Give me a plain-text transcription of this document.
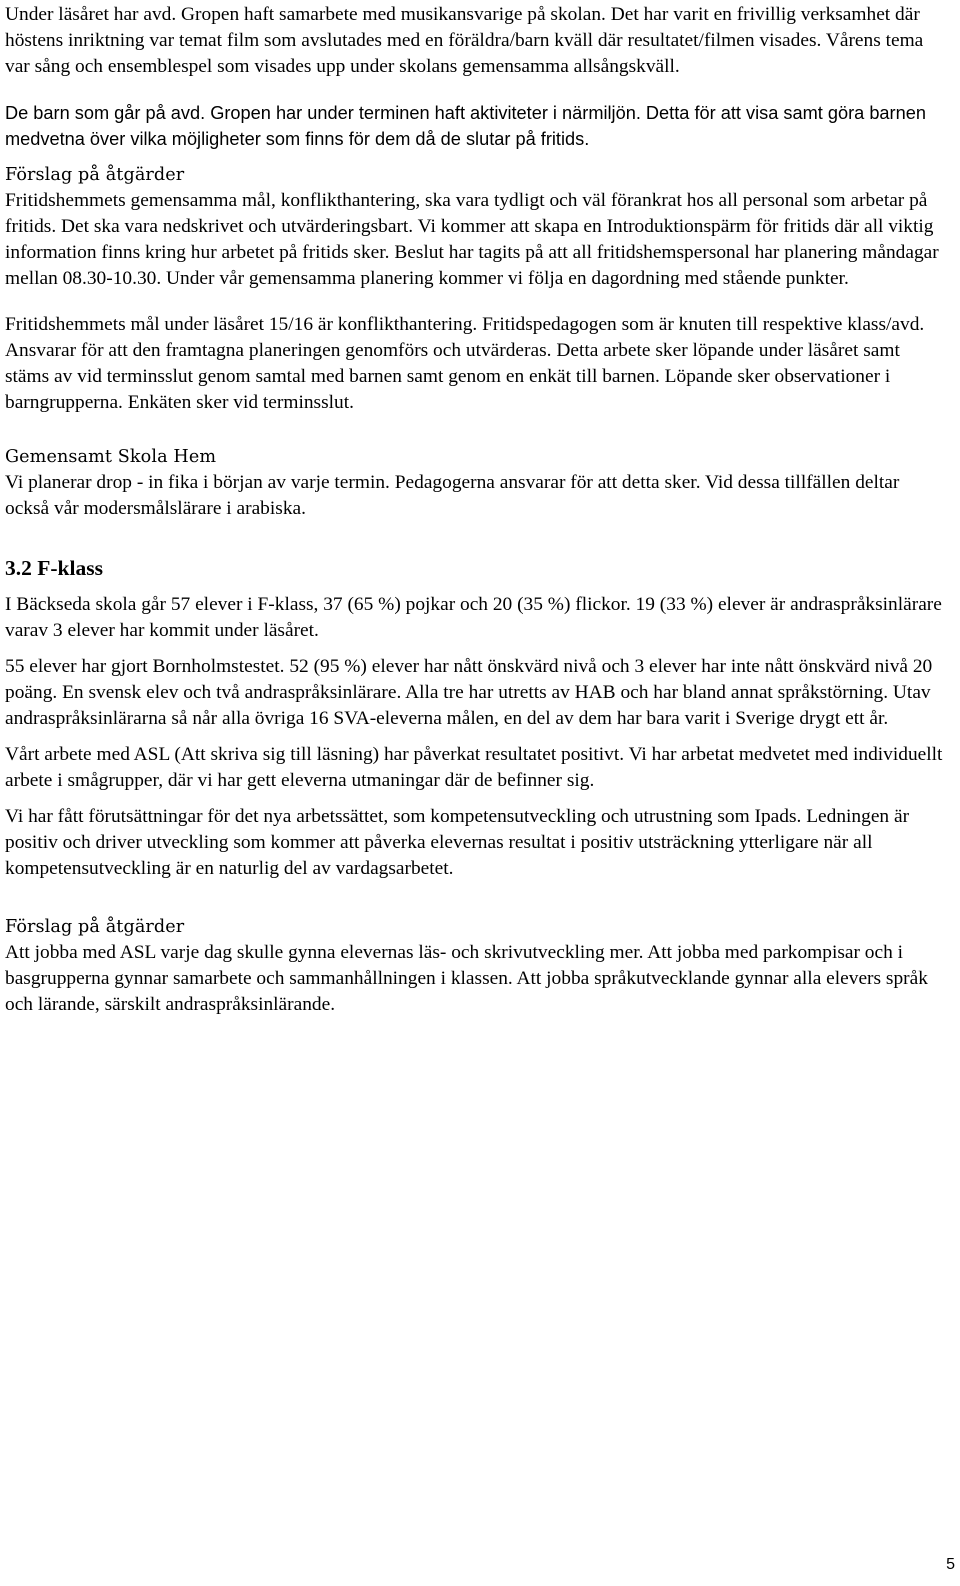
Under läsåret har avd. Gropen haft samarbete med musikansvarige på skolan. Det har varit en frivillig verksamhet där höstens inriktning var temat film som avslutades med en föräldra/barn kväll där resultatet/filmen visades. Vårens tema var sång och ensemblespel som visades upp under skolans gemensamma allsångskväll.

De barn som går på avd. Gropen har under terminen haft aktiviteter i närmiljön. Detta för att visa samt göra barnen medvetna över vilka möjligheter som finns för dem då de slutar på fritids.

Förslag på åtgärder

Fritidshemmets gemensamma mål, konflikthantering, ska vara tydligt och väl förankrat hos all personal som arbetar på fritids. Det ska vara nedskrivet och utvärderingsbart. Vi kommer att skapa en Introduktionspärm för fritids där all viktig information finns kring hur arbetet på fritids sker. Beslut har tagits på att all fritidshemspersonal har planering måndagar mellan 08.30-10.30. Under vår gemensamma planering kommer vi följa en dagordning med stående punkter.

Fritidshemmets mål under läsåret 15/16 är konflikthantering. Fritidspedagogen som är knuten till respektive klass/avd. Ansvarar för att den framtagna planeringen genomförs och utvärderas. Detta arbete sker löpande under läsåret samt stäms av vid terminsslut genom samtal med barnen samt genom en enkät till barnen. Löpande sker observationer i barngrupperna. Enkäten sker vid terminsslut.

Gemensamt Skola Hem

Vi planerar drop - in fika i början av varje termin. Pedagogerna ansvarar för att detta sker. Vid dessa tillfällen deltar också vår modersmålslärare i arabiska.

3.2 F-klass

I Bäckseda skola går 57 elever i F-klass, 37 (65 %) pojkar och 20 (35 %) flickor. 19 (33 %) elever är andraspråksinlärare varav 3 elever har kommit under läsåret.

55 elever har gjort Bornholmstestet. 52 (95 %) elever har nått önskvärd nivå och 3 elever har inte nått önskvärd nivå 20 poäng. En svensk elev och två andraspråksinlärare. Alla tre har utretts av HAB och har bland annat språkstörning. Utav andraspråksinlärarna så når alla övriga 16 SVA-eleverna målen, en del av dem har bara varit i Sverige drygt ett år.

Vårt arbete med ASL (Att skriva sig till läsning) har påverkat resultatet positivt. Vi har arbetat medvetet med individuellt arbete i smågrupper, där vi har gett eleverna utmaningar där de befinner sig.

Vi har fått förutsättningar för det nya arbetssättet, som kompetensutveckling och utrustning som Ipads. Ledningen är positiv och driver utveckling som kommer att påverka elevernas resultat i positiv utsträckning ytterligare när all kompetensutveckling är en naturlig del av vardagsarbetet.

Förslag på åtgärder

Att jobba med ASL varje dag skulle gynna elevernas läs- och skrivutveckling mer. Att jobba med parkompisar och i basgrupperna gynnar samarbete och sammanhållningen i klassen. Att jobba språkutvecklande gynnar alla elevers språk och lärande, särskilt andraspråksinlärande.

5
